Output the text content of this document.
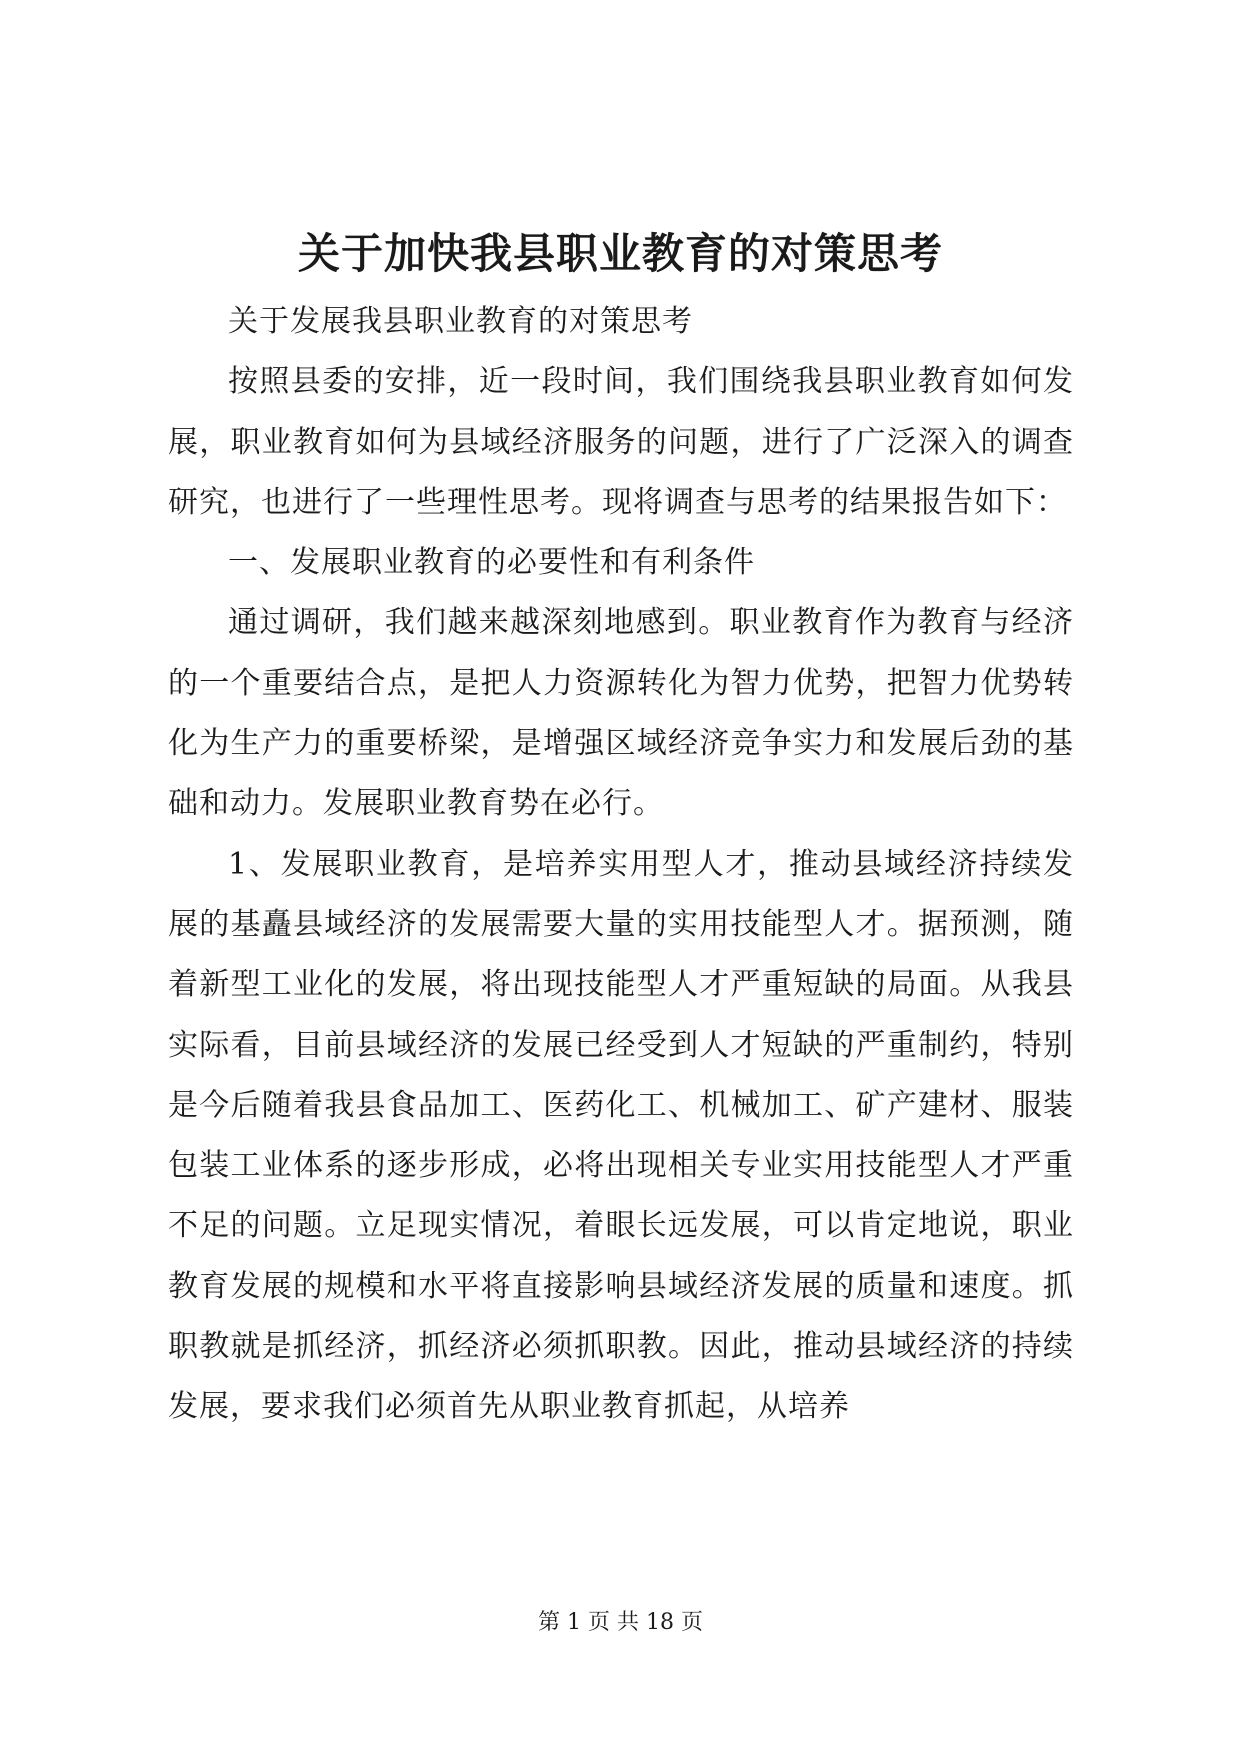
关于加快我县职业教育的对策思考

关于发展我县职业教育的对策思考

按照县委的安排，近一段时间，我们围绕我县职业教育如何发展，职业教育如何为县域经济服务的问题，进行了广泛深入的调查研究，也进行了一些理性思考。现将调查与思考的结果报告如下：

一、发展职业教育的必要性和有利条件

通过调研，我们越来越深刻地感到。职业教育作为教育与经济的一个重要结合点，是把人力资源转化为智力优势，把智力优势转化为生产力的重要桥梁，是增强区域经济竞争实力和发展后劲的基础和动力。发展职业教育势在必行。

1、发展职业教育，是培养实用型人才，推动县域经济持续发展的基矗县域经济的发展需要大量的实用技能型人才。据预测，随着新型工业化的发展，将出现技能型人才严重短缺的局面。从我县实际看，目前县域经济的发展已经受到人才短缺的严重制约，特别是今后随着我县食品加工、医药化工、机械加工、矿产建材、服装包装工业体系的逐步形成，必将出现相关专业实用技能型人才严重不足的问题。立足现实情况，着眼长远发展，可以肯定地说，职业教育发展的规模和水平将直接影响县域经济发展的质量和速度。抓职教就是抓经济，抓经济必须抓职教。因此，推动县域经济的持续发展，要求我们必须首先从职业教育抓起，从培养

第 1 页 共 18 页
